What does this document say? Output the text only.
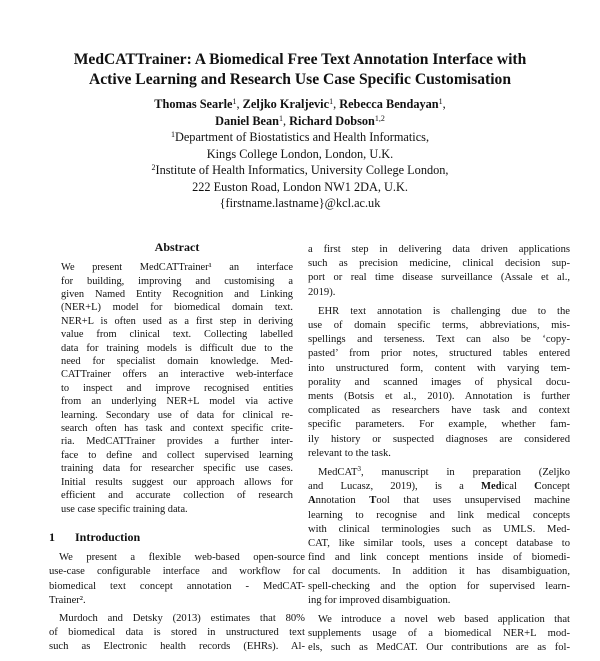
MedCATTrainer: A Biomedical Free Text Annotation Interface with
Active Learning and Research Use Case Specific Customisation
Thomas Searle$^1$, Zeljko Kraljevic$^1$, Rebecca Bendayan$^1$,
Daniel Bean$^1$, Richard Dobson$^{1,2}$
$^1$Department of Biostatistics and Health Informatics,
Kings College London, London, U.K.
$^2$Institute of Health Informatics, University College London,
222 Euston Road, London NW1 2DA, U.K.
{firstname.lastname}@kcl.ac.uk
Abstract

We present MedCATTrainer¹ an interface
for building, improving and customising a
given Named Entity Recognition and Linking
(NER+L) model for biomedical domain text.
NER+L is often used as a first step in deriving
value from clinical text. Collecting labelled
data for training models is difficult due to the
need for specialist domain knowledge. Med-
CATTrainer offers an interactive web-interface
to inspect and improve recognised entities
from an underlying NER+L model via active
learning. Secondary use of data for clinical re-
search often has task and context specific crite-
ria. MedCATTrainer provides a further inter-
face to define and collect supervised learning
training data for researcher specific use cases.
Initial results suggest our approach allows for
efficient and accurate collection of research
use case specific training data.

1 Introduction

We present a flexible web-based open-source
use-case configurable interface and workflow for
biomedical text concept annotation - MedCAT-
Trainer².

Murdoch and Detsky (2013) estimates that 80%
of biomedical data is stored in unstructured text
such as Electronic health records (EHRs). Al-

a first step in delivering data driven applications
such as precision medicine, clinical decision sup-
port or real time disease surveillance (Assale et al.,
2019).

EHR text annotation is challenging due to the
use of domain specific terms, abbreviations, mis-
spellings and terseness. Text can also be ‘copy-
pasted’ from prior notes, structured tables entered
into unstructured form, content with varying tem-
porality and scanned images of physical docu-
ments (Botsis et al., 2010). Annotation is further
complicated as researchers have task and context
specific parameters. For example, whether fam-
ily history or suspected diagnoses are considered
relevant to the task.

MedCAT$^3$, manuscript in preparation (Zeljko
and Lucasz, 2019), is a Medical Concept
Annotation Tool that uses unsupervised machine
learning to recognise and link medical concepts
with clinical terminologies such as UMLS. Med-
CAT, like similar tools, uses a concept database to
find and link concept mentions inside of biomedi-
cal documents. In addition it has disambiguation,
spell-checking and the option for supervised learn-
ing for improved disambiguation.

We introduce a novel web based application that
supplements usage of a biomedical NER+L mod-
els, such as MedCAT. Our contributions are as fol-
